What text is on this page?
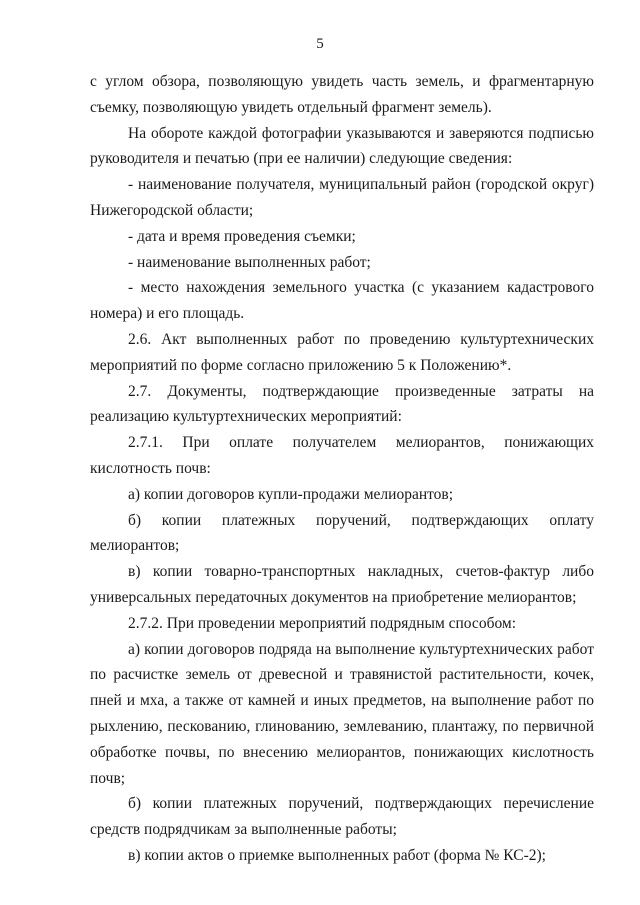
5

с углом обзора, позволяющую увидеть часть земель, и фрагментарную съемку, позволяющую увидеть отдельный фрагмент земель).

На обороте каждой фотографии указываются и заверяются подписью руководителя и печатью (при ее наличии) следующие сведения:

- наименование получателя, муниципальный район (городской округ) Нижегородской области;

- дата и время проведения съемки;

- наименование выполненных работ;

- место нахождения земельного участка (с указанием кадастрового номера) и его площадь.

2.6. Акт выполненных работ по проведению культуртехнических мероприятий по форме согласно приложению 5 к Положению*.

2.7. Документы, подтверждающие произведенные затраты на реализацию культуртехнических мероприятий:

2.7.1. При оплате получателем мелиорантов, понижающих кислотность почв:

а) копии договоров купли-продажи мелиорантов;

б) копии платежных поручений, подтверждающих оплату мелиорантов;

в) копии товарно-транспортных накладных, счетов-фактур либо универсальных передаточных документов на приобретение мелиорантов;

2.7.2. При проведении мероприятий подрядным способом:

а) копии договоров подряда на выполнение культуртехнических работ по расчистке земель от древесной и травянистой растительности, кочек, пней и мха, а также от камней и иных предметов, на выполнение работ по рыхлению, пескованию, глинованию, землеванию, плантажу, по первичной обработке почвы, по внесению мелиорантов, понижающих кислотность почв;

б) копии платежных поручений, подтверждающих перечисление средств подрядчикам за выполненные работы;

в) копии актов о приемке выполненных работ (форма № КС-2);
